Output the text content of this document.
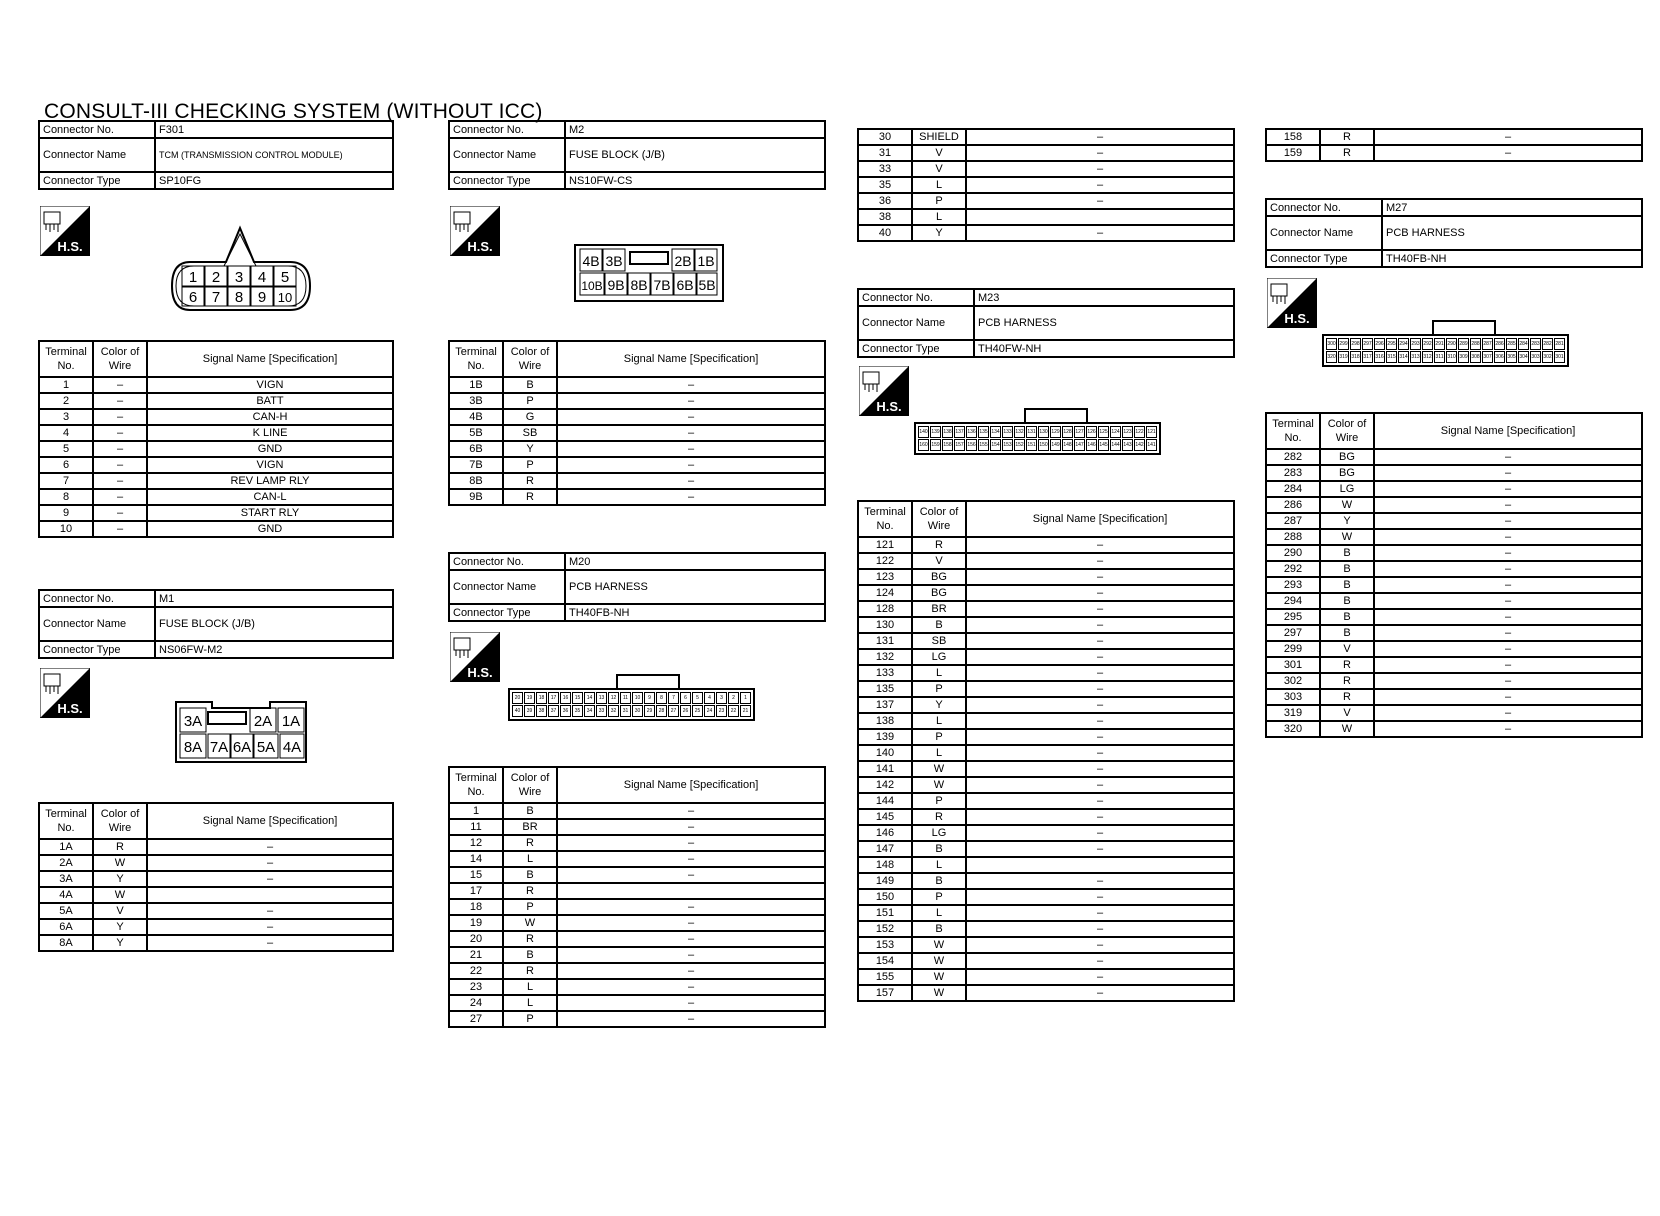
CONSULT-III CHECKING SYSTEM (WITHOUT ICC)
Connector No.	F301
Connector Name	TCM (TRANSMISSION CONTROL MODULE)
Connector Type	SP10FG
H.S.
1 2 3 4 5
6 7 8 9 10
Terminal No.	Color of Wire	Signal Name [Specification]
1	–	VIGN
2	–	BATT
3	–	CAN-H
4	–	K LINE
5	–	GND
6	–	VIGN
7	–	REV LAMP RLY
8	–	CAN-L
9	–	START RLY
10	–	GND
Connector No.	M1
Connector Name	FUSE BLOCK (J/B)
Connector Type	NS06FW-M2
H.S.
3A	2A 1A
8A 7A 6A 5A 4A
Terminal No.	Color of Wire	Signal Name [Specification]
1A	R	–
2A	W	–
3A	Y	–
4A	W	
5A	V	–
6A	Y	–
8A	Y	–
Connector No.	M2
Connector Name	FUSE BLOCK (J/B)
Connector Type	NS10FW-CS
H.S.
4B 3B	2B 1B
10B 9B 8B 7B 6B 5B
Terminal No.	Color of Wire	Signal Name [Specification]
1B	B	–
3B	P	–
4B	G	–
5B	SB	–
6B	Y	–
7B	P	–
8B	R	–
9B	R	–
Connector No.	M20
Connector Name	PCB HARNESS
Connector Type	TH40FB-NH
H.S.
20	19	18	17	16	15	14	13	12	11	10	9	8	7	6	5	4	3	2	1
40	39	38	37	36	35	34	33	32	31	30	29	28	27	26	25	24	23	22	21
Terminal No.	Color of Wire	Signal Name [Specification]
1	B	–
11	BR	–
12	R	–
14	L	–
15	B	–
17	R	
18	P	–
19	W	–
20	R	–
21	B	–
22	R	–
23	L	–
24	L	–
27	P	–
30	SHIELD	–
31	V	–
33	V	–
35	L	–
36	P	–
38	L	
40	Y	–
Connector No.	M23
Connector Name	PCB HARNESS
Connector Type	TH40FW-NH
H.S.
140 139 138 137 136 135 134 133 132 131 130 129 128 127 126 125 124 123 122 121
160 159 158 157 156 155 154 153 152 151 150 149 148 147 146 145 144 143 142 141
Terminal No.	Color of Wire	Signal Name [Specification]
121	R	–
122	V	–
123	BG	–
124	BG	–
128	BR	–
130	B	–
131	SB	–
132	LG	–
133	L	–
135	P	–
137	Y	–
138	L	–
139	P	–
140	L	–
141	W	–
142	W	–
144	P	–
145	R	–
146	LG	–
147	B	–
148	L	
149	B	–
150	P	–
151	L	–
152	B	–
153	W	–
154	W	–
155	W	–
157	W	–
158	R	–
159	R	–
Connector No.	M27
Connector Name	PCB HARNESS
Connector Type	TH40FB-NH
H.S.
300 299 298 297 296 295 294 293 292 291 290 289 288 287 286 285 284 283 282 281
320 319 318 317 316 315 314 313 312 311 310 309 308 307 306 305 304 303 302 301
Terminal No.	Color of Wire	Signal Name [Specification]
282	BG	–
283	BG	–
284	LG	–
286	W	–
287	Y	–
288	W	–
290	B	–
292	B	–
293	B	–
294	B	–
295	B	–
297	B	–
299	V	–
301	R	–
302	R	–
303	R	–
319	V	–
320	W	–
